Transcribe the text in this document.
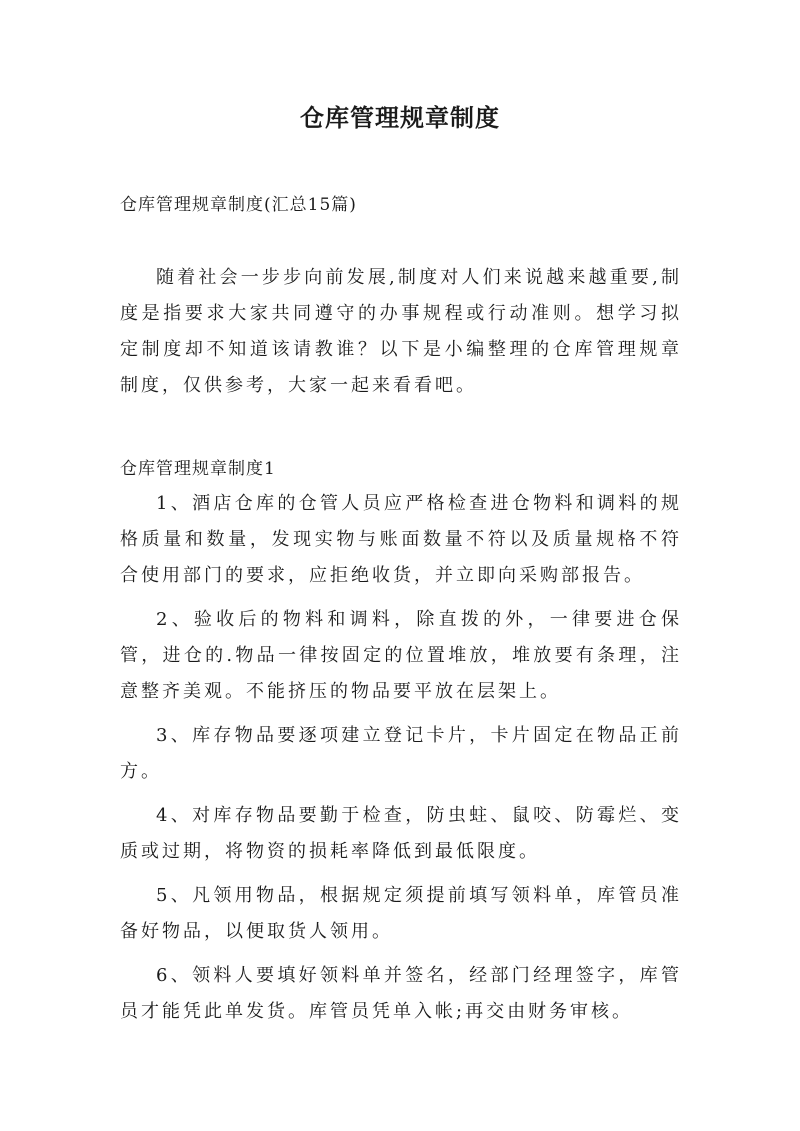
仓库管理规章制度
仓库管理规章制度(汇总15篇)

随着社会一步步向前发展,制度对人们来说越来越重要,制度是指要求大家共同遵守的办事规程或行动准则。想学习拟定制度却不知道该请教谁？以下是小编整理的仓库管理规章制度，仅供参考，大家一起来看看吧。

仓库管理规章制度1

1、酒店仓库的仓管人员应严格检查进仓物料和调料的规格质量和数量，发现实物与账面数量不符以及质量规格不符合使用部门的要求，应拒绝收货，并立即向采购部报告。

2、验收后的物料和调料，除直拨的外，一律要进仓保管，进仓的.物品一律按固定的位置堆放，堆放要有条理，注意整齐美观。不能挤压的物品要平放在层架上。

3、库存物品要逐项建立登记卡片，卡片固定在物品正前方。

4、对库存物品要勤于检查，防虫蛀、鼠咬、防霉烂、变质或过期，将物资的损耗率降低到最低限度。

5、凡领用物品，根据规定须提前填写领料单，库管员准备好物品，以便取货人领用。

6、领料人要填好领料单并签名，经部门经理签字，库管员才能凭此单发货。库管员凭单入帐;再交由财务审核。
